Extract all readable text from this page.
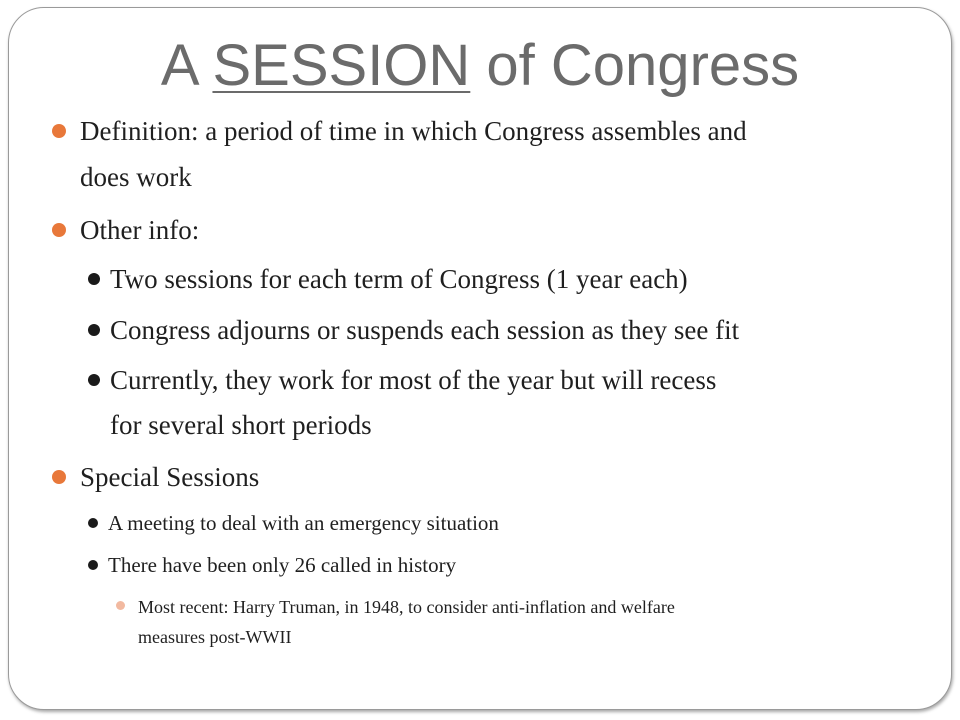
A SESSION of Congress

Definition: a period of time in which Congress assembles and

does work

Other info:

Two sessions for each term of Congress (1 year each)

Congress adjourns or suspends each session as they see fit

Currently, they work for most of the year but will recess

for several short periods

Special Sessions

A meeting to deal with an emergency situation

There have been only 26 called in history

Most recent: Harry Truman, in 1948, to consider anti-inflation and welfare

measures post-WWII
